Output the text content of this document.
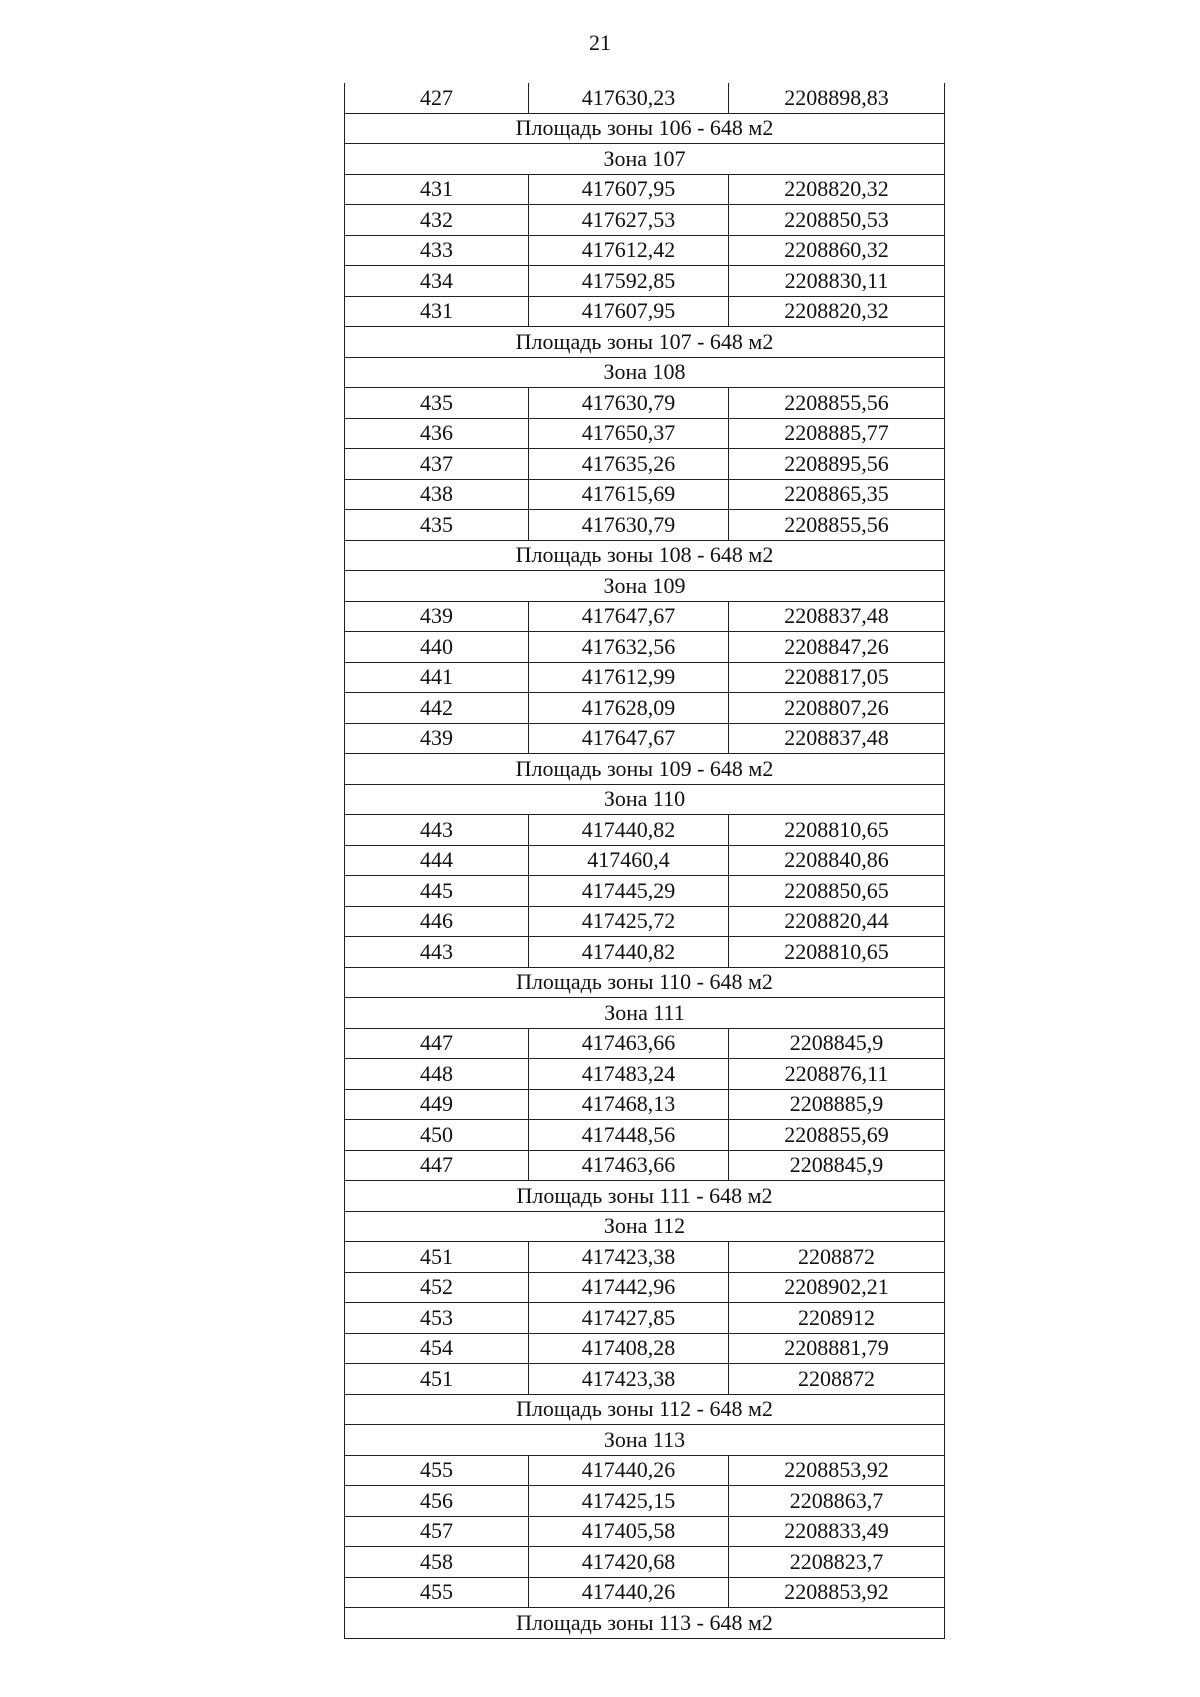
21
427	417630,23	2208898,83
Площадь зоны 106 - 648 м2		
Зона 107		
431	417607,95	2208820,32
432	417627,53	2208850,53
433	417612,42	2208860,32
434	417592,85	2208830,11
431	417607,95	2208820,32
Площадь зоны 107 - 648 м2		
Зона 108		
435	417630,79	2208855,56
436	417650,37	2208885,77
437	417635,26	2208895,56
438	417615,69	2208865,35
435	417630,79	2208855,56
Площадь зоны 108 - 648 м2		
Зона 109		
439	417647,67	2208837,48
440	417632,56	2208847,26
441	417612,99	2208817,05
442	417628,09	2208807,26
439	417647,67	2208837,48
Площадь зоны 109 - 648 м2		
Зона 110		
443	417440,82	2208810,65
444	417460,4	2208840,86
445	417445,29	2208850,65
446	417425,72	2208820,44
443	417440,82	2208810,65
Площадь зоны 110 - 648 м2		
Зона 111		
447	417463,66	2208845,9
448	417483,24	2208876,11
449	417468,13	2208885,9
450	417448,56	2208855,69
447	417463,66	2208845,9
Площадь зоны 111 - 648 м2		
Зона 112		
451	417423,38	2208872
452	417442,96	2208902,21
453	417427,85	2208912
454	417408,28	2208881,79
451	417423,38	2208872
Площадь зоны 112 - 648 м2		
Зона 113		
455	417440,26	2208853,92
456	417425,15	2208863,7
457	417405,58	2208833,49
458	417420,68	2208823,7
455	417440,26	2208853,92
Площадь зоны 113 - 648 м2		
